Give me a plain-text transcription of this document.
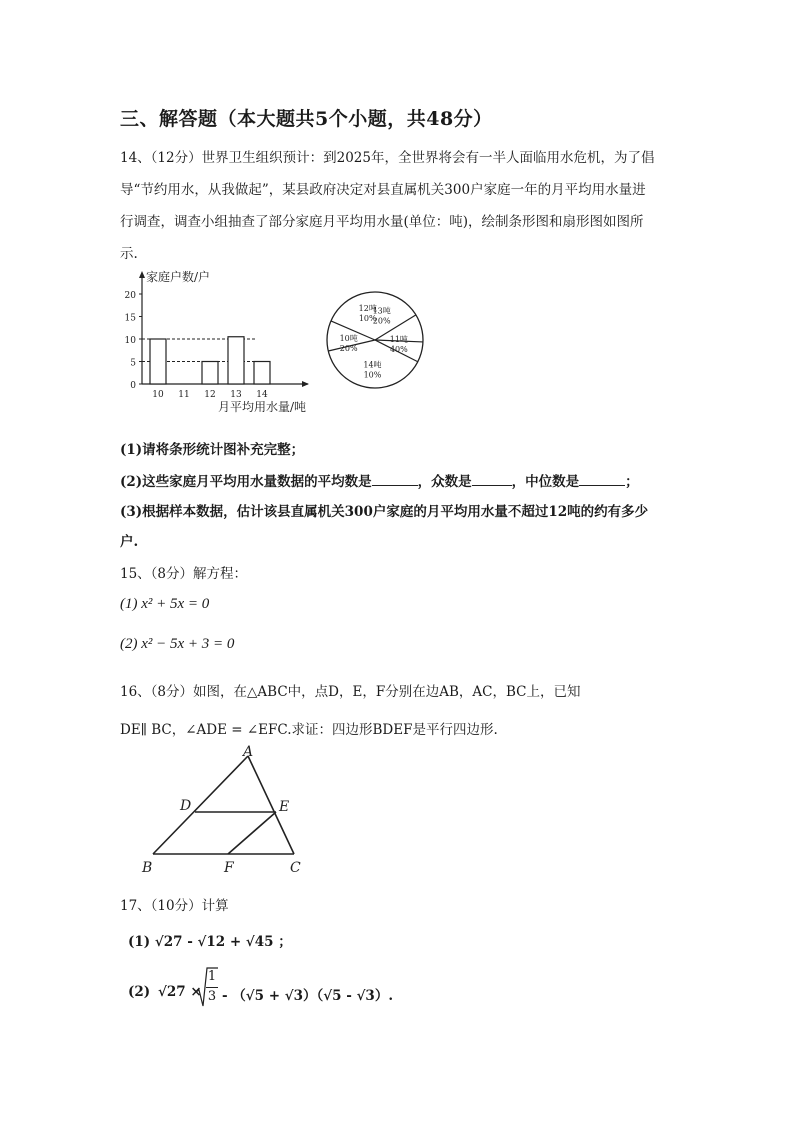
三、解答题（本大题共5个小题，共48分）
14、（12分）世界卫生组织预计：到2025年，全世界将会有一半人面临用水危机，为了倡
导“节约用水，从我做起”，某县政府决定对县直属机关300户家庭一年的月平均用水量进
行调查，调查小组抽查了部分家庭月平均用水量(单位：吨)，绘制条形图和扇形图如图所
示.
0
5
10
15
20
10 11 12 13 14
家庭户数/户
月平均用水量/吨
12吨
10%
13吨
20%
11吨
40%
14吨
10%
10吨
20%
(1)请将条形统计图补充完整；
(2)这些家庭月平均用水量数据的平均数是	，众数是	，中位数是	；
(3)根据样本数据，估计该县直属机关300户家庭的月平均用水量不超过12吨的约有多少
户.
15、（8分）解方程：
(1) x² + 5x = 0
(2) x² − 5x + 3 = 0
16、（8分）如图，在△ABC中，点D，E，F分别在边AB，AC，BC上，已知
DE∥ BC，∠ADE = ∠EFC.求证：四边形BDEF是平行四边形.
A
B	C
D	E
F
17、（10分）计算
(1) √27 - √12 + √45 ；
(2) √27 ×
1
3 - （√5 + √3）（√5 - √3）.
